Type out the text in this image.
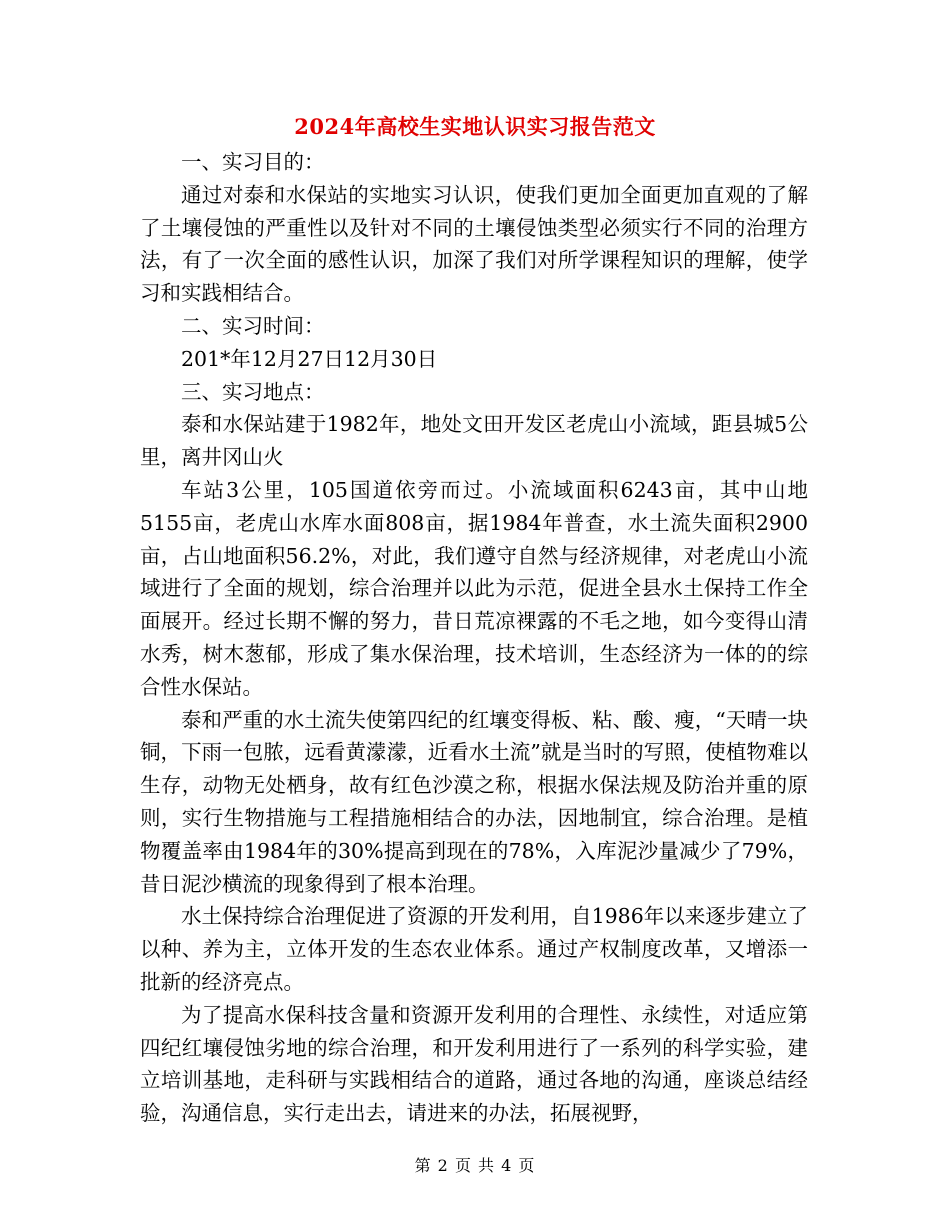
2024年高校生实地认识实习报告范文

一、实习目的：

通过对泰和水保站的实地实习认识，使我们更加全面更加直观的了解了土壤侵蚀的严重性以及针对不同的土壤侵蚀类型必须实行不同的治理方法，有了一次全面的感性认识，加深了我们对所学课程知识的理解，使学习和实践相结合。

二、实习时间：

201*年12月27日12月30日

三、实习地点：

泰和水保站建于1982年，地处文田开发区老虎山小流域，距县城5公里，离井冈山火

车站3公里，105国道依旁而过。小流域面积6243亩，其中山地5155亩，老虎山水库水面808亩，据1984年普查，水土流失面积2900亩，占山地面积56.2%，对此，我们遵守自然与经济规律，对老虎山小流域进行了全面的规划，综合治理并以此为示范，促进全县水土保持工作全面展开。经过长期不懈的努力，昔日荒凉裸露的不毛之地，如今变得山清水秀，树木葱郁，形成了集水保治理，技术培训，生态经济为一体的的综合性水保站。

泰和严重的水土流失使第四纪的红壤变得板、粘、酸、瘦，“天晴一块铜，下雨一包脓，远看黄濛濛，近看水土流”就是当时的写照，使植物难以生存，动物无处栖身，故有红色沙漠之称，根据水保法规及防治并重的原则，实行生物措施与工程措施相结合的办法，因地制宜，综合治理。是植物覆盖率由1984年的30%提高到现在的78%，入库泥沙量减少了79%，昔日泥沙横流的现象得到了根本治理。

水土保持综合治理促进了资源的开发利用，自1986年以来逐步建立了以种、养为主，立体开发的生态农业体系。通过产权制度改革，又增添一批新的经济亮点。

为了提高水保科技含量和资源开发利用的合理性、永续性，对适应第四纪红壤侵蚀劣地的综合治理，和开发利用进行了一系列的科学实验，建立培训基地，走科研与实践相结合的道路，通过各地的沟通，座谈总结经验，沟通信息，实行走出去，请进来的办法，拓展视野，

第 2 页 共 4 页
